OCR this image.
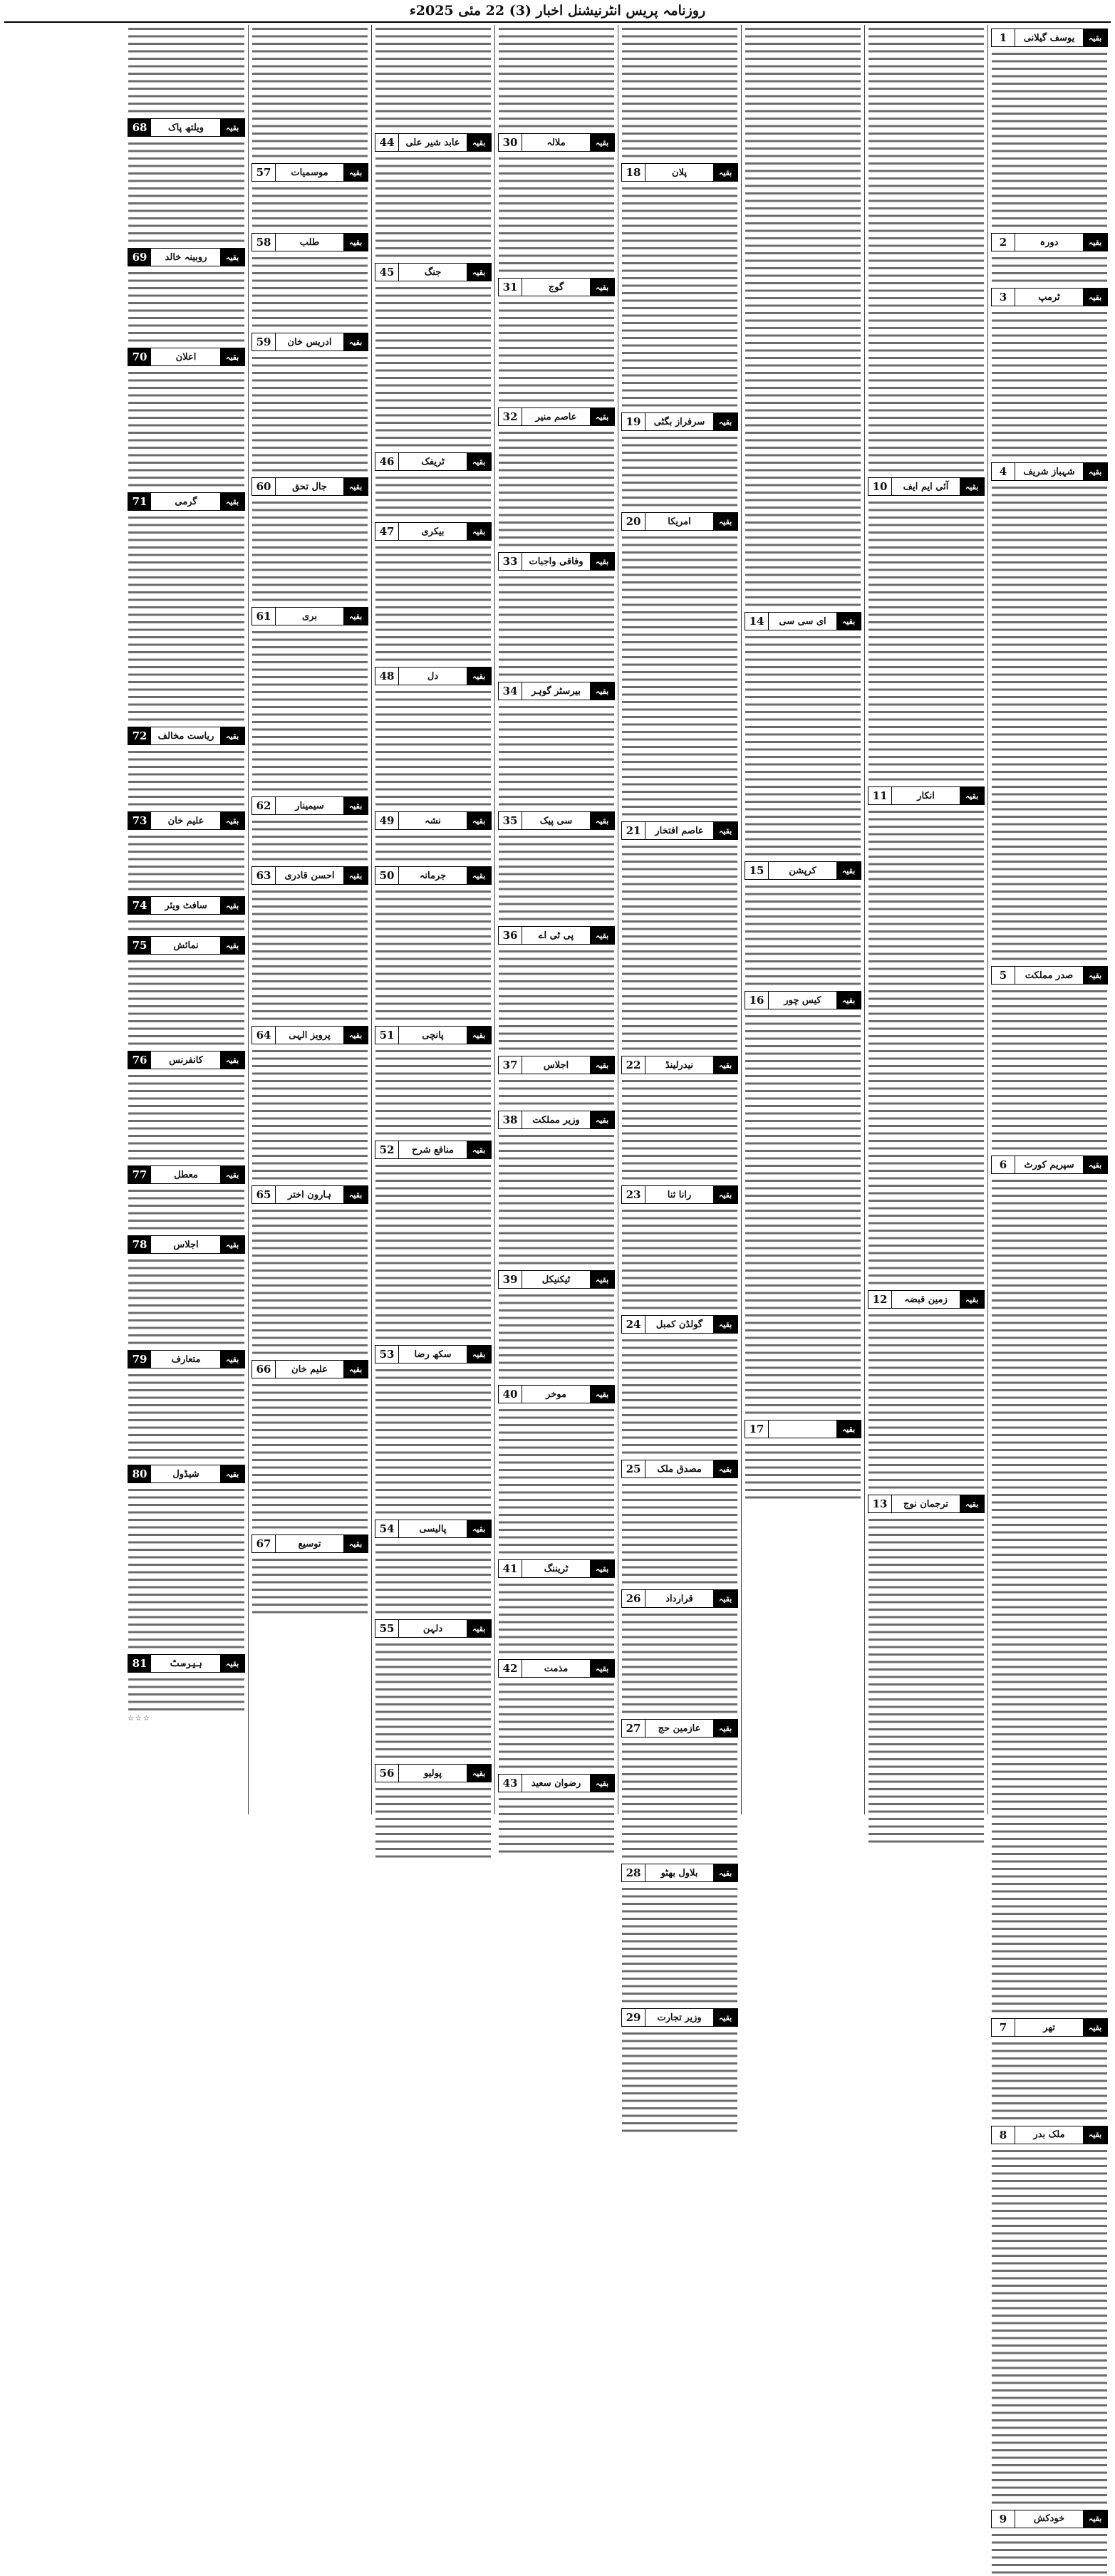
روزنامہ پریس انٹرنیشنل اخبار (3) 22 مئی 2025ء
بقیہ
یوسف گیلانی
1
بقیہ
دورہ
2
بقیہ
ٹرمپ
3
بقیہ
شہباز شریف
4
بقیہ
صدر مملکت
5
بقیہ
سپریم کورٹ
6
بقیہ
تھر
7
بقیہ
ملک بدر
8
بقیہ
خودکش
9
بقیہ
آئی ایم ایف
10
بقیہ
انکار
11
بقیہ
زمین قبضہ
12
بقیہ
ترجمان نوج
13
بقیہ
ای سی سی
14
بقیہ
کرپشن
15
بقیہ
کیس چور
16
بقیہ
17
بقیہ
پلان
18
بقیہ
سرفراز بگٹی
19
بقیہ
امریکا
20
بقیہ
عاصم افتخار
21
بقیہ
نیدرلینڈ
22
بقیہ
رانا ثنا
23
بقیہ
گولڈن کمبل
24
بقیہ
مصدق ملک
25
بقیہ
قرارداد
26
بقیہ
عازمین حج
27
بقیہ
بلاول بھٹو
28
بقیہ
وزیر تجارت
29
بقیہ
ملالہ
30
بقیہ
گوج
31
بقیہ
عاصم منیر
32
بقیہ
وفاقی واجبات
33
بقیہ
بیرسٹر گوہر
34
بقیہ
سی پیک
35
بقیہ
پی ٹی اے
36
بقیہ
اجلاس
37
بقیہ
وزیر مملکت
38
بقیہ
ٹیکنیکل
39
بقیہ
موخر
40
بقیہ
ٹریننگ
41
بقیہ
مذمت
42
بقیہ
رضوان سعید
43
بقیہ
عابد شیر علی
44
بقیہ
جنگ
45
بقیہ
ٹریفک
46
بقیہ
بیکری
47
بقیہ
دل
48
بقیہ
نشہ
49
بقیہ
جرمانہ
50
بقیہ
پانچی
51
بقیہ
منافع شرح
52
بقیہ
سکھ رضا
53
بقیہ
پالیسی
54
بقیہ
دلہن
55
بقیہ
پولیو
56
بقیہ
موسمیات
57
بقیہ
طلب
58
بقیہ
ادریس خان
59
بقیہ
جال تحق
60
بقیہ
بری
61
بقیہ
سیمینار
62
بقیہ
احسن قادری
63
بقیہ
پرویز الہی
64
بقیہ
ہارون اختر
65
بقیہ
علیم خان
66
بقیہ
توسیع
67
بقیہ
ویلتھ پاک
68
بقیہ
روبینہ خالد
69
بقیہ
اعلان
70
بقیہ
گرمی
71
بقیہ
ریاست مخالف
72
بقیہ
علیم خان
73
بقیہ
سافٹ ویئر
74
بقیہ
نمائش
75
بقیہ
کانفرنس
76
بقیہ
معطل
77
بقیہ
اجلاس
78
بقیہ
متعارف
79
بقیہ
شیڈول
80
بقیہ
ہیرسٹ
81
☆☆☆
